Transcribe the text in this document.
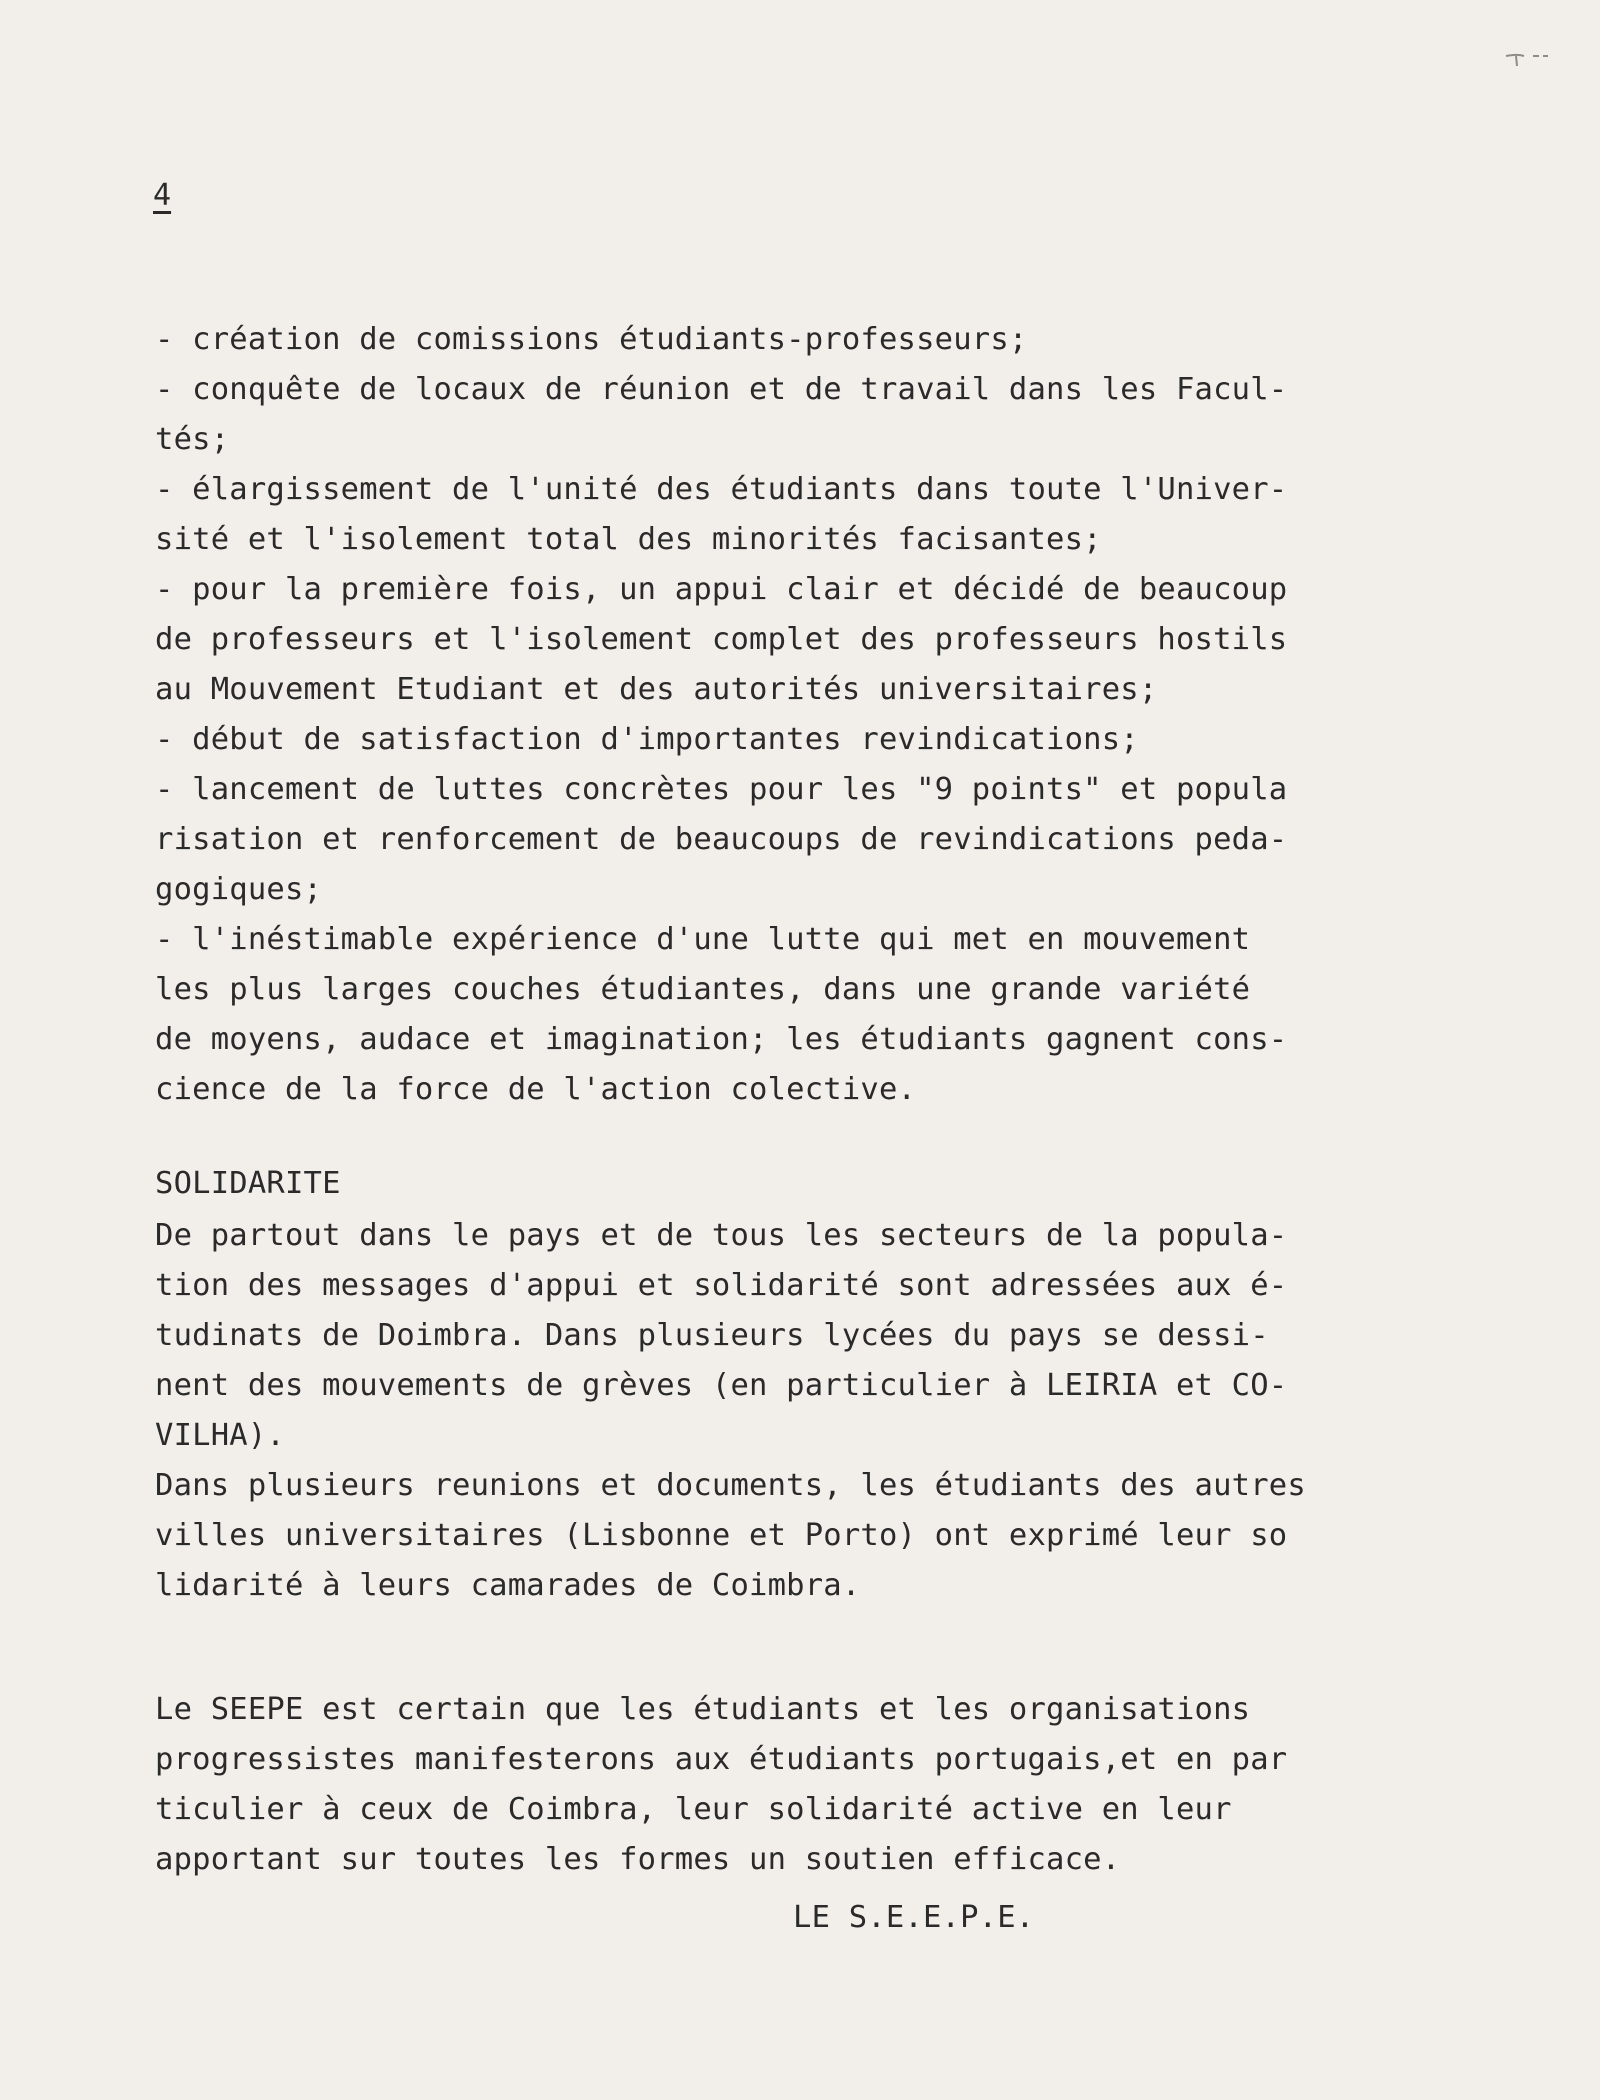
4
- création de comissions étudiants-professeurs;
- conquête de locaux de réunion et de travail dans les Facul-
tés;
- élargissement de l'unité des étudiants dans toute l'Univer-
sité et l'isolement total des minorités facisantes;
- pour la première fois, un appui clair et décidé de beaucoup
de professeurs et l'isolement complet des professeurs hostils
au Mouvement Etudiant et des autorités universitaires;
- début de satisfaction d'importantes revindications;
- lancement de luttes concrètes pour les "9 points" et popula
risation et renforcement de beaucoups de revindications peda-
gogiques;
- l'inéstimable expérience d'une lutte qui met en mouvement
les plus larges couches étudiantes, dans une grande variété
de moyens, audace et imagination; les étudiants gagnent cons-
cience de la force de l'action colective.
SOLIDARITE
De partout dans le pays et de tous les secteurs de la popula-
tion des messages d'appui et solidarité sont adressées aux é-
tudinats de Doimbra. Dans plusieurs lycées du pays se dessi-
nent des mouvements de grèves (en particulier à LEIRIA et CO-
VILHA).
Dans plusieurs reunions et documents, les étudiants des autres
villes universitaires (Lisbonne et Porto) ont exprimé leur so
lidarité à leurs camarades de Coimbra.
Le SEEPE est certain que les étudiants et les organisations
progressistes manifesterons aux étudiants portugais,et en par
ticulier à ceux de Coimbra, leur solidarité active en leur
apportant sur toutes les formes un soutien efficace.
LE S.E.E.P.E.
